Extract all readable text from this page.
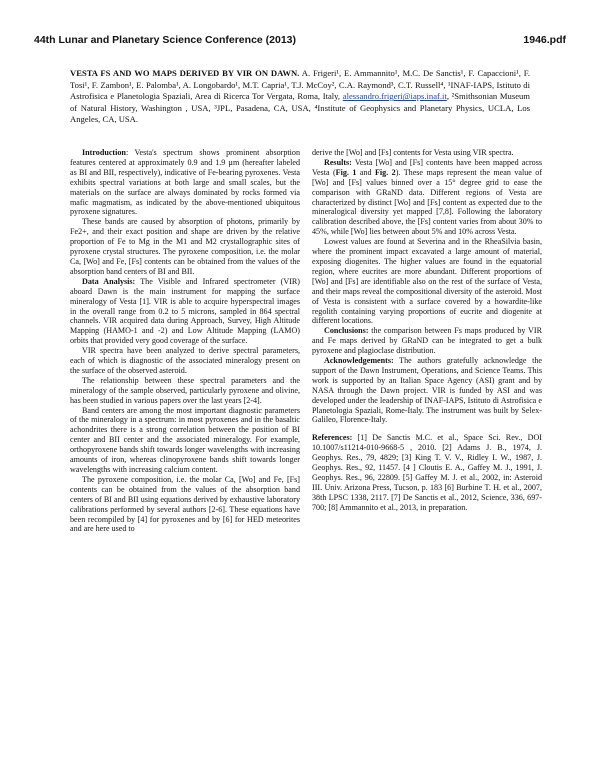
44th Lunar and Planetary Science Conference (2013)	1946.pdf
VESTA FS AND WO MAPS DERIVED BY VIR ON DAWN. A. Frigeri¹, E. Ammannito¹, M.C. De Sanctis¹, F. Capaccioni¹, F. Tosi¹, F. Zambon¹, E. Palomba¹, A. Longobardo¹, M.T. Capria¹, T.J. McCoy², C.A. Raymond³, C.T. Russell⁴, ¹INAF-IAPS, Istituto di Astrofisica e Planetologia Spaziali, Area di Ricerca Tor Vergata, Roma, Italy, alessandro.frigeri@iaps.inaf.it, ²Smithsonian Museum of Natural History, Washington , USA, ³JPL, Pasadena, CA, USA, ⁴Institute of Geophysics and Planetary Physics, UCLA, Los Angeles, CA, USA.

Introduction: Vesta's spectrum shows prominent absorption features centered at approximately 0.9 and 1.9 µm (hereafter labeled as BI and BII, respectively), indicative of Fe-bearing pyroxenes. Vesta exhibits spectral variations at both large and small scales, but the materials on the surface are always dominated by rocks formed via mafic magmatism, as indicated by the above-mentioned ubiquitous pyroxene signatures.

These bands are caused by absorption of photons, primarily by Fe2+, and their exact position and shape are driven by the relative proportion of Fe to Mg in the M1 and M2 crystallographic sites of pyroxene crystal structures. The pyroxene composition, i.e. the molar Ca, [Wo] and Fe, [Fs] contents can be obtained from the values of the absorption band centers of BI and BII.

Data Analysis: The Visible and Infrared spectrometer (VIR) aboard Dawn is the main instrument for mapping the surface mineralogy of Vesta [1]. VIR is able to acquire hyperspectral images in the overall range from 0.2 to 5 microns, sampled in 864 spectral channels. VIR acquired data during Approach, Survey, High Altitude Mapping (HAMO-1 and -2) and Low Altitude Mapping (LAMO) orbits that provided very good coverage of the surface.

VIR spectra have been analyzed to derive spectral parameters, each of which is diagnostic of the associated mineralogy present on the surface of the observed asteroid.

The relationship between these spectral parameters and the mineralogy of the sample observed, particularly pyroxene and olivine, has been studied in various papers over the last years [2-4].

Band centers are among the most important diagnostic parameters of the mineralogy in a spectrum: in most pyroxenes and in the basaltic achondrites there is a strong correlation between the position of BI center and BII center and the associated mineralogy. For example, orthopyroxene bands shift towards longer wavelengths with increasing amounts of iron, whereas clinopyroxene bands shift towards longer wavelengths with increasing calcium content.

The pyroxene composition, i.e. the molar Ca, [Wo] and Fe, [Fs] contents can be obtained from the values of the absorption band centers of BI and BII using equations derived by exhaustive laboratory calibrations performed by several authors [2-6]. These equations have been recompiled by [4] for pyroxenes and by [6] for HED meteorites and are here used to

derive the [Wo] and [Fs] contents for Vesta using VIR spectra.

Results: Vesta [Wo] and [Fs] contents have been mapped across Vesta (Fig. 1 and Fig. 2). These maps represent the mean value of [Wo] and [Fs] values binned over a 15° degree grid to ease the comparison with GRaND data. Different regions of Vesta are characterized by distinct [Wo] and [Fs] content as expected due to the mineralogical diversity yet mapped [7,8]. Following the laboratory calibration described above, the [Fs] content varies from about 30% to 45%, while [Wo] lies between about 5% and 10% across Vesta.

Lowest values are found at Severina and in the RheaSilvia basin, where the prominent impact excavated a large amount of material, exposing diogenites. The higher values are found in the equatorial region, where eucrites are more abundant. Different proportions of [Wo] and [Fs] are identifiable also on the rest of the surface of Vesta, and their maps reveal the compositional diversity of the asteroid. Most of Vesta is consistent with a surface covered by a howardite-like regolith containing varying proportions of eucrite and diogenite at different locations.

Conclusions: the comparison between Fs maps produced by VIR and Fe maps derived by GRaND can be integrated to get a bulk pyroxene and plagioclase distribution.

Acknowledgements: The authors gratefully acknowledge the support of the Dawn Instrument, Operations, and Science Teams. This work is supported by an Italian Space Agency (ASI) grant and by NASA through the Dawn project. VIR is funded by ASI and was developed under the leadership of INAF-IAPS, Istituto di Astrofisica e Planetologia Spaziali, Rome-Italy. The instrument was built by Selex-Galileo, Florence-Italy.

References: [1] De Sanctis M.C. et al., Space Sci. Rev., DOI 10.1007/s11214-010-9668-5 , 2010. [2] Adams J. B., 1974, J. Geophys. Res., 79, 4829; [3] King T. V. V., Ridley I. W., 1987, J. Geophys. Res., 92, 11457. [4 ] Cloutis E. A., Gaffey M. J., 1991, J. Geophys. Res., 96, 22809. [5] Gaffey M. J. et al., 2002, in: Asteroid III. Univ. Arizona Press, Tucson, p. 183 [6] Burbine T. H. et al., 2007, 38th LPSC 1338, 2117. [7] De Sanctis et al., 2012, Science, 336, 697-700; [8] Ammannito et al., 2013, in preparation.
